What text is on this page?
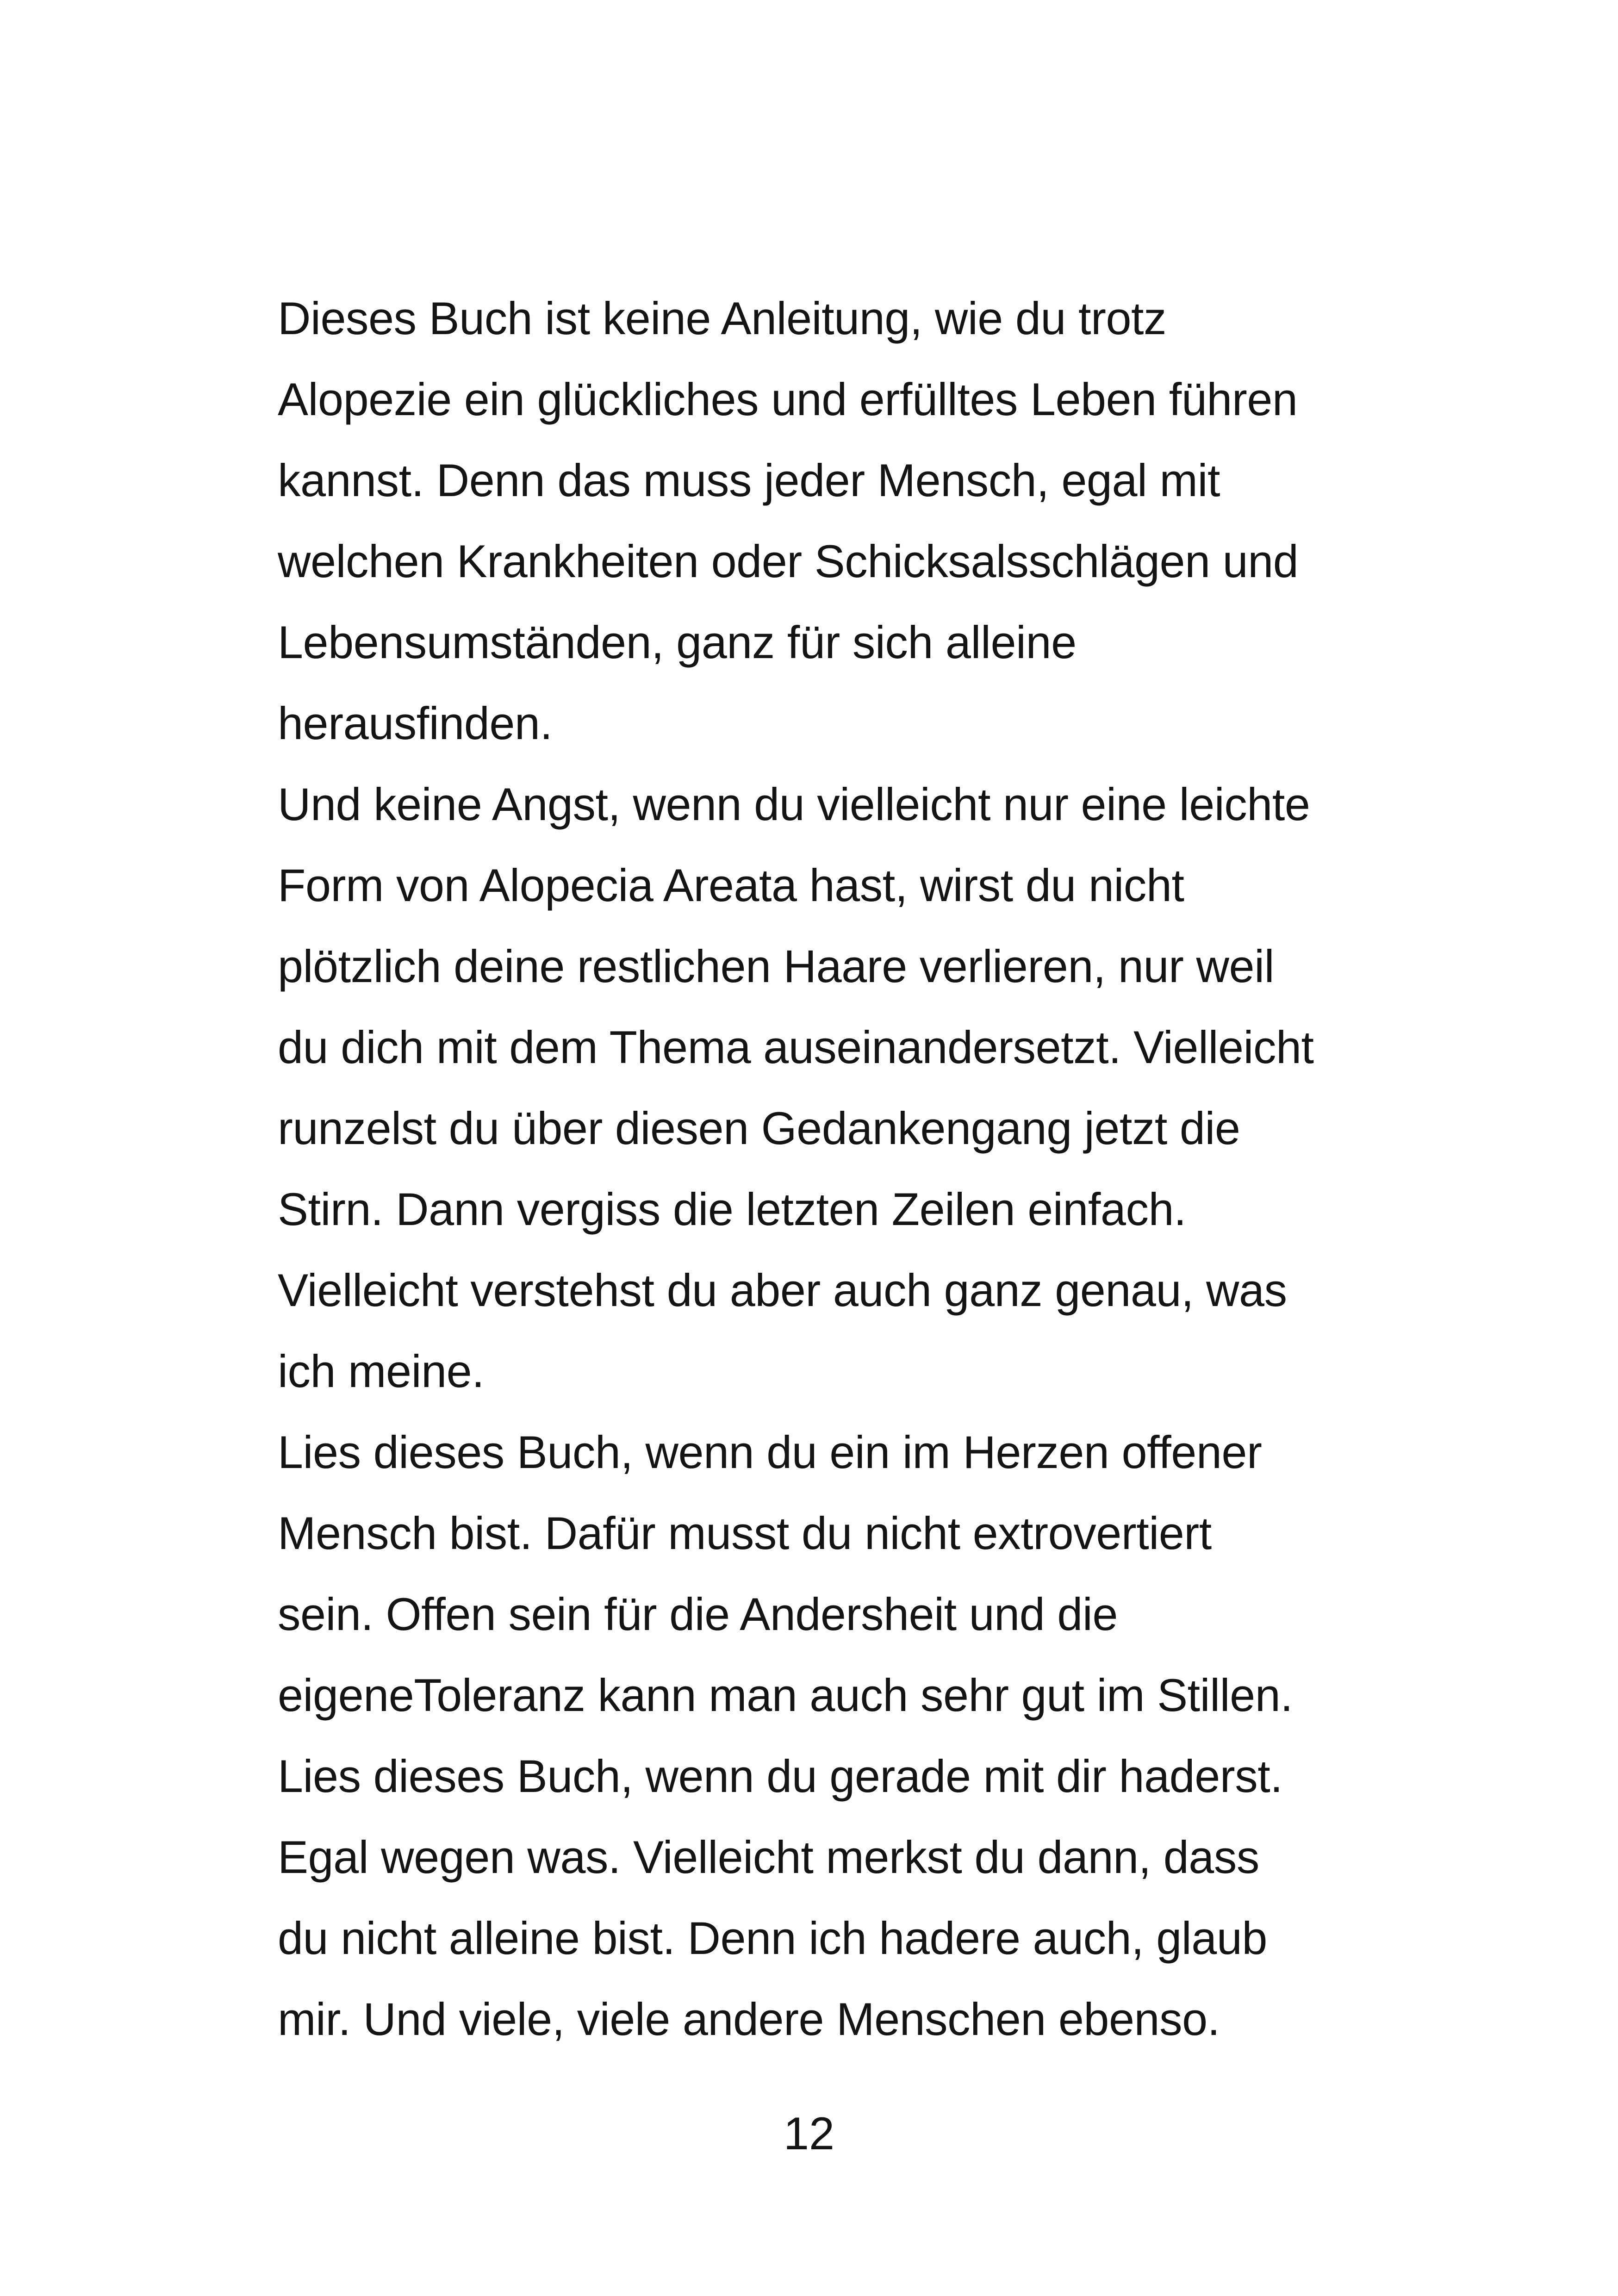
Dieses Buch ist keine Anleitung, wie du trotz
Alopezie ein glückliches und erfülltes Leben führen
kannst. Denn das muss jeder Mensch, egal mit
welchen Krankheiten oder Schicksalsschlägen und
Lebensumständen, ganz für sich alleine
herausfinden.
Und keine Angst, wenn du vielleicht nur eine leichte
Form von Alopecia Areata hast, wirst du nicht
plötzlich deine restlichen Haare verlieren, nur weil
du dich mit dem Thema auseinandersetzt. Vielleicht
runzelst du über diesen Gedankengang jetzt die
Stirn. Dann vergiss die letzten Zeilen einfach.
Vielleicht verstehst du aber auch ganz genau, was
ich meine.
Lies dieses Buch, wenn du ein im Herzen offener
Mensch bist. Dafür musst du nicht extrovertiert
sein. Offen sein für die Andersheit und die
eigeneToleranz kann man auch sehr gut im Stillen.
Lies dieses Buch, wenn du gerade mit dir haderst.
Egal wegen was. Vielleicht merkst du dann, dass
du nicht alleine bist. Denn ich hadere auch, glaub
mir. Und viele, viele andere Menschen ebenso.
12
